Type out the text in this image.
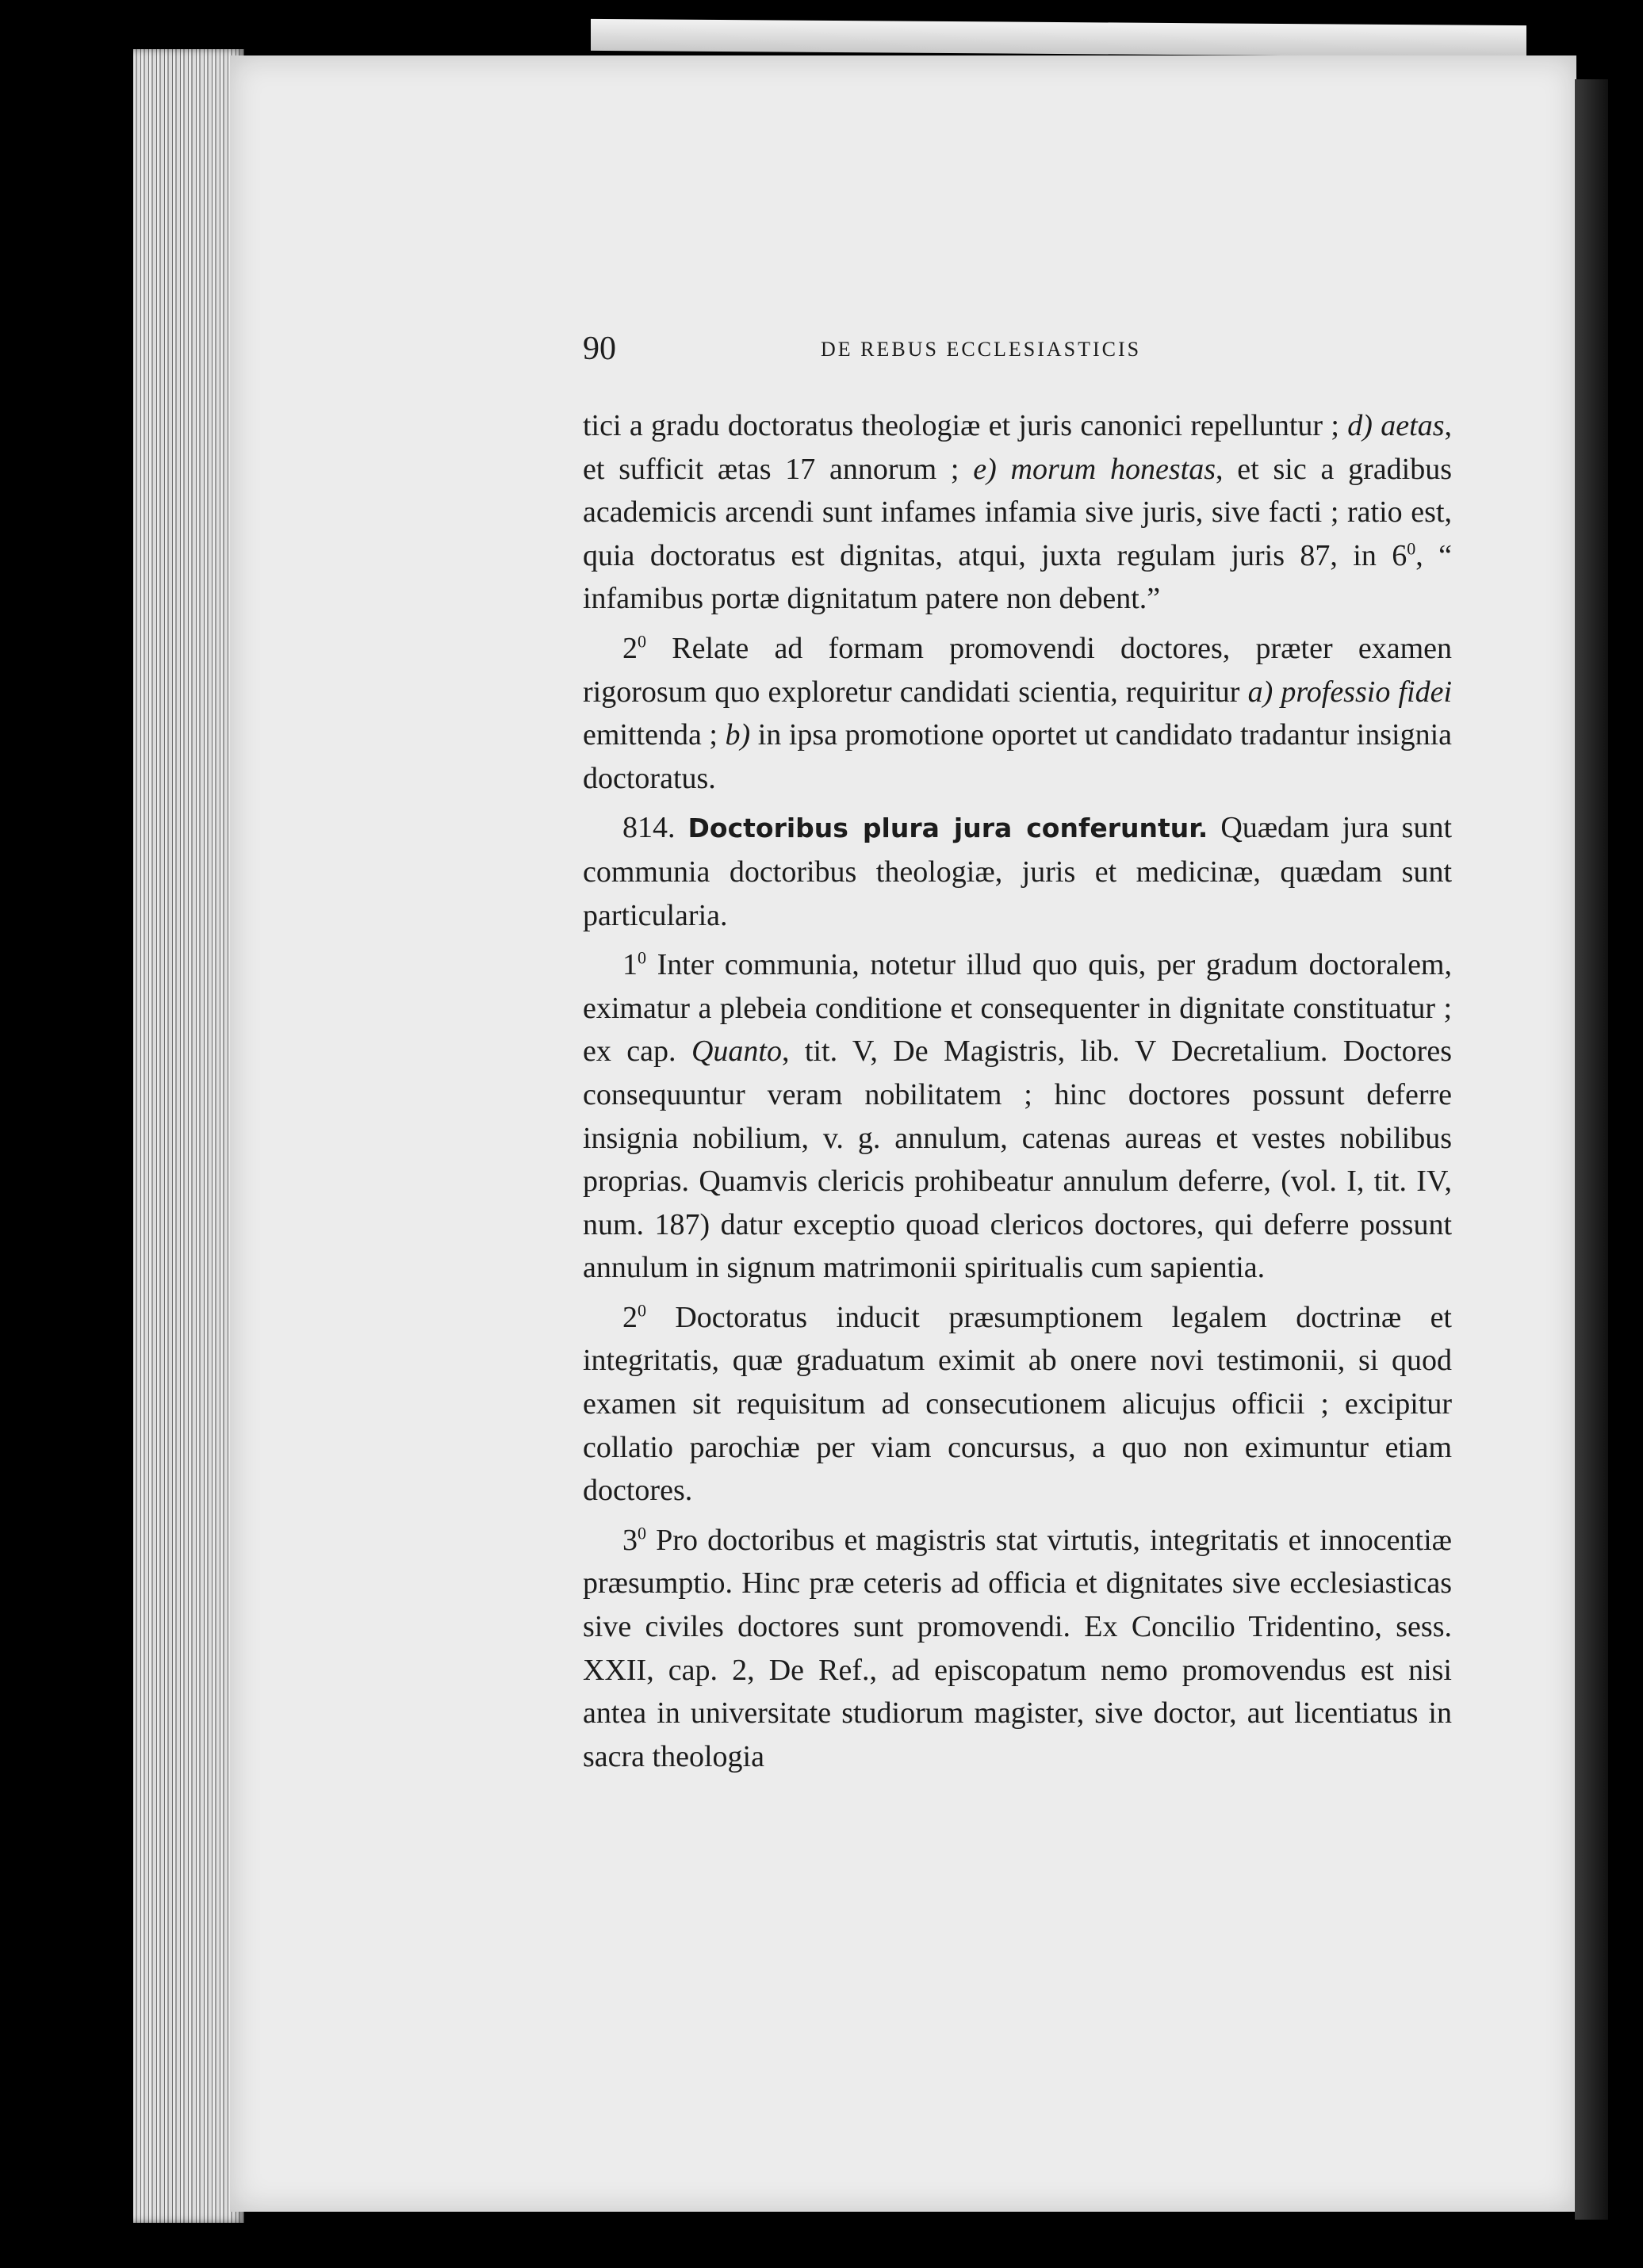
90	DE REBUS ECCLESIASTICIS

tici a gradu doctoratus theologiæ et juris canonici repelluntur ; d) aetas, et sufficit ætas 17 annorum ; e) morum honestas, et sic a gradibus academicis arcendi sunt infames infamia sive juris, sive facti ; ratio est, quia doctoratus est dignitas, atqui, juxta regulam juris 87, in $6^0$, “ infamibus portæ dignitatum patere non debent.”

$2^0$ Relate ad formam promovendi doctores, præter examen rigorosum quo exploretur candidati scientia, requiritur a) professio fidei emittenda ; b) in ipsa promotione oportet ut candidato tradantur insignia doctoratus.

814. Doctoribus plura jura conferuntur. Quædam jura sunt communia doctoribus theologiæ, juris et medicinæ, quædam sunt particularia.

$1^0$ Inter communia, notetur illud quo quis, per gradum doctoralem, eximatur a plebeia conditione et consequenter in dignitate constituatur ; ex cap. Quanto, tit. V, De Magistris, lib. V Decretalium. Doctores consequuntur veram nobilitatem ; hinc doctores possunt deferre insignia nobilium, v. g. annulum, catenas aureas et vestes nobilibus proprias. Quamvis clericis prohibeatur annulum deferre, (vol. I, tit. IV, num. 187) datur exceptio quoad clericos doctores, qui deferre possunt annulum in signum matrimonii spiritualis cum sapientia.

$2^0$ Doctoratus inducit præsumptionem legalem doctrinæ et integritatis, quæ graduatum eximit ab onere novi testimonii, si quod examen sit requisitum ad consecutionem alicujus officii ; excipitur collatio parochiæ per viam concursus, a quo non eximuntur etiam doctores.

$3^0$ Pro doctoribus et magistris stat virtutis, integritatis et innocentiæ præsumptio. Hinc præ ceteris ad officia et dignitates sive ecclesiasticas sive civiles doctores sunt promovendi. Ex Concilio Tridentino, sess. XXII, cap. 2, De Ref., ad episcopatum nemo promovendus est nisi antea in universitate studiorum magister, sive doctor, aut licentiatus in sacra theologia
